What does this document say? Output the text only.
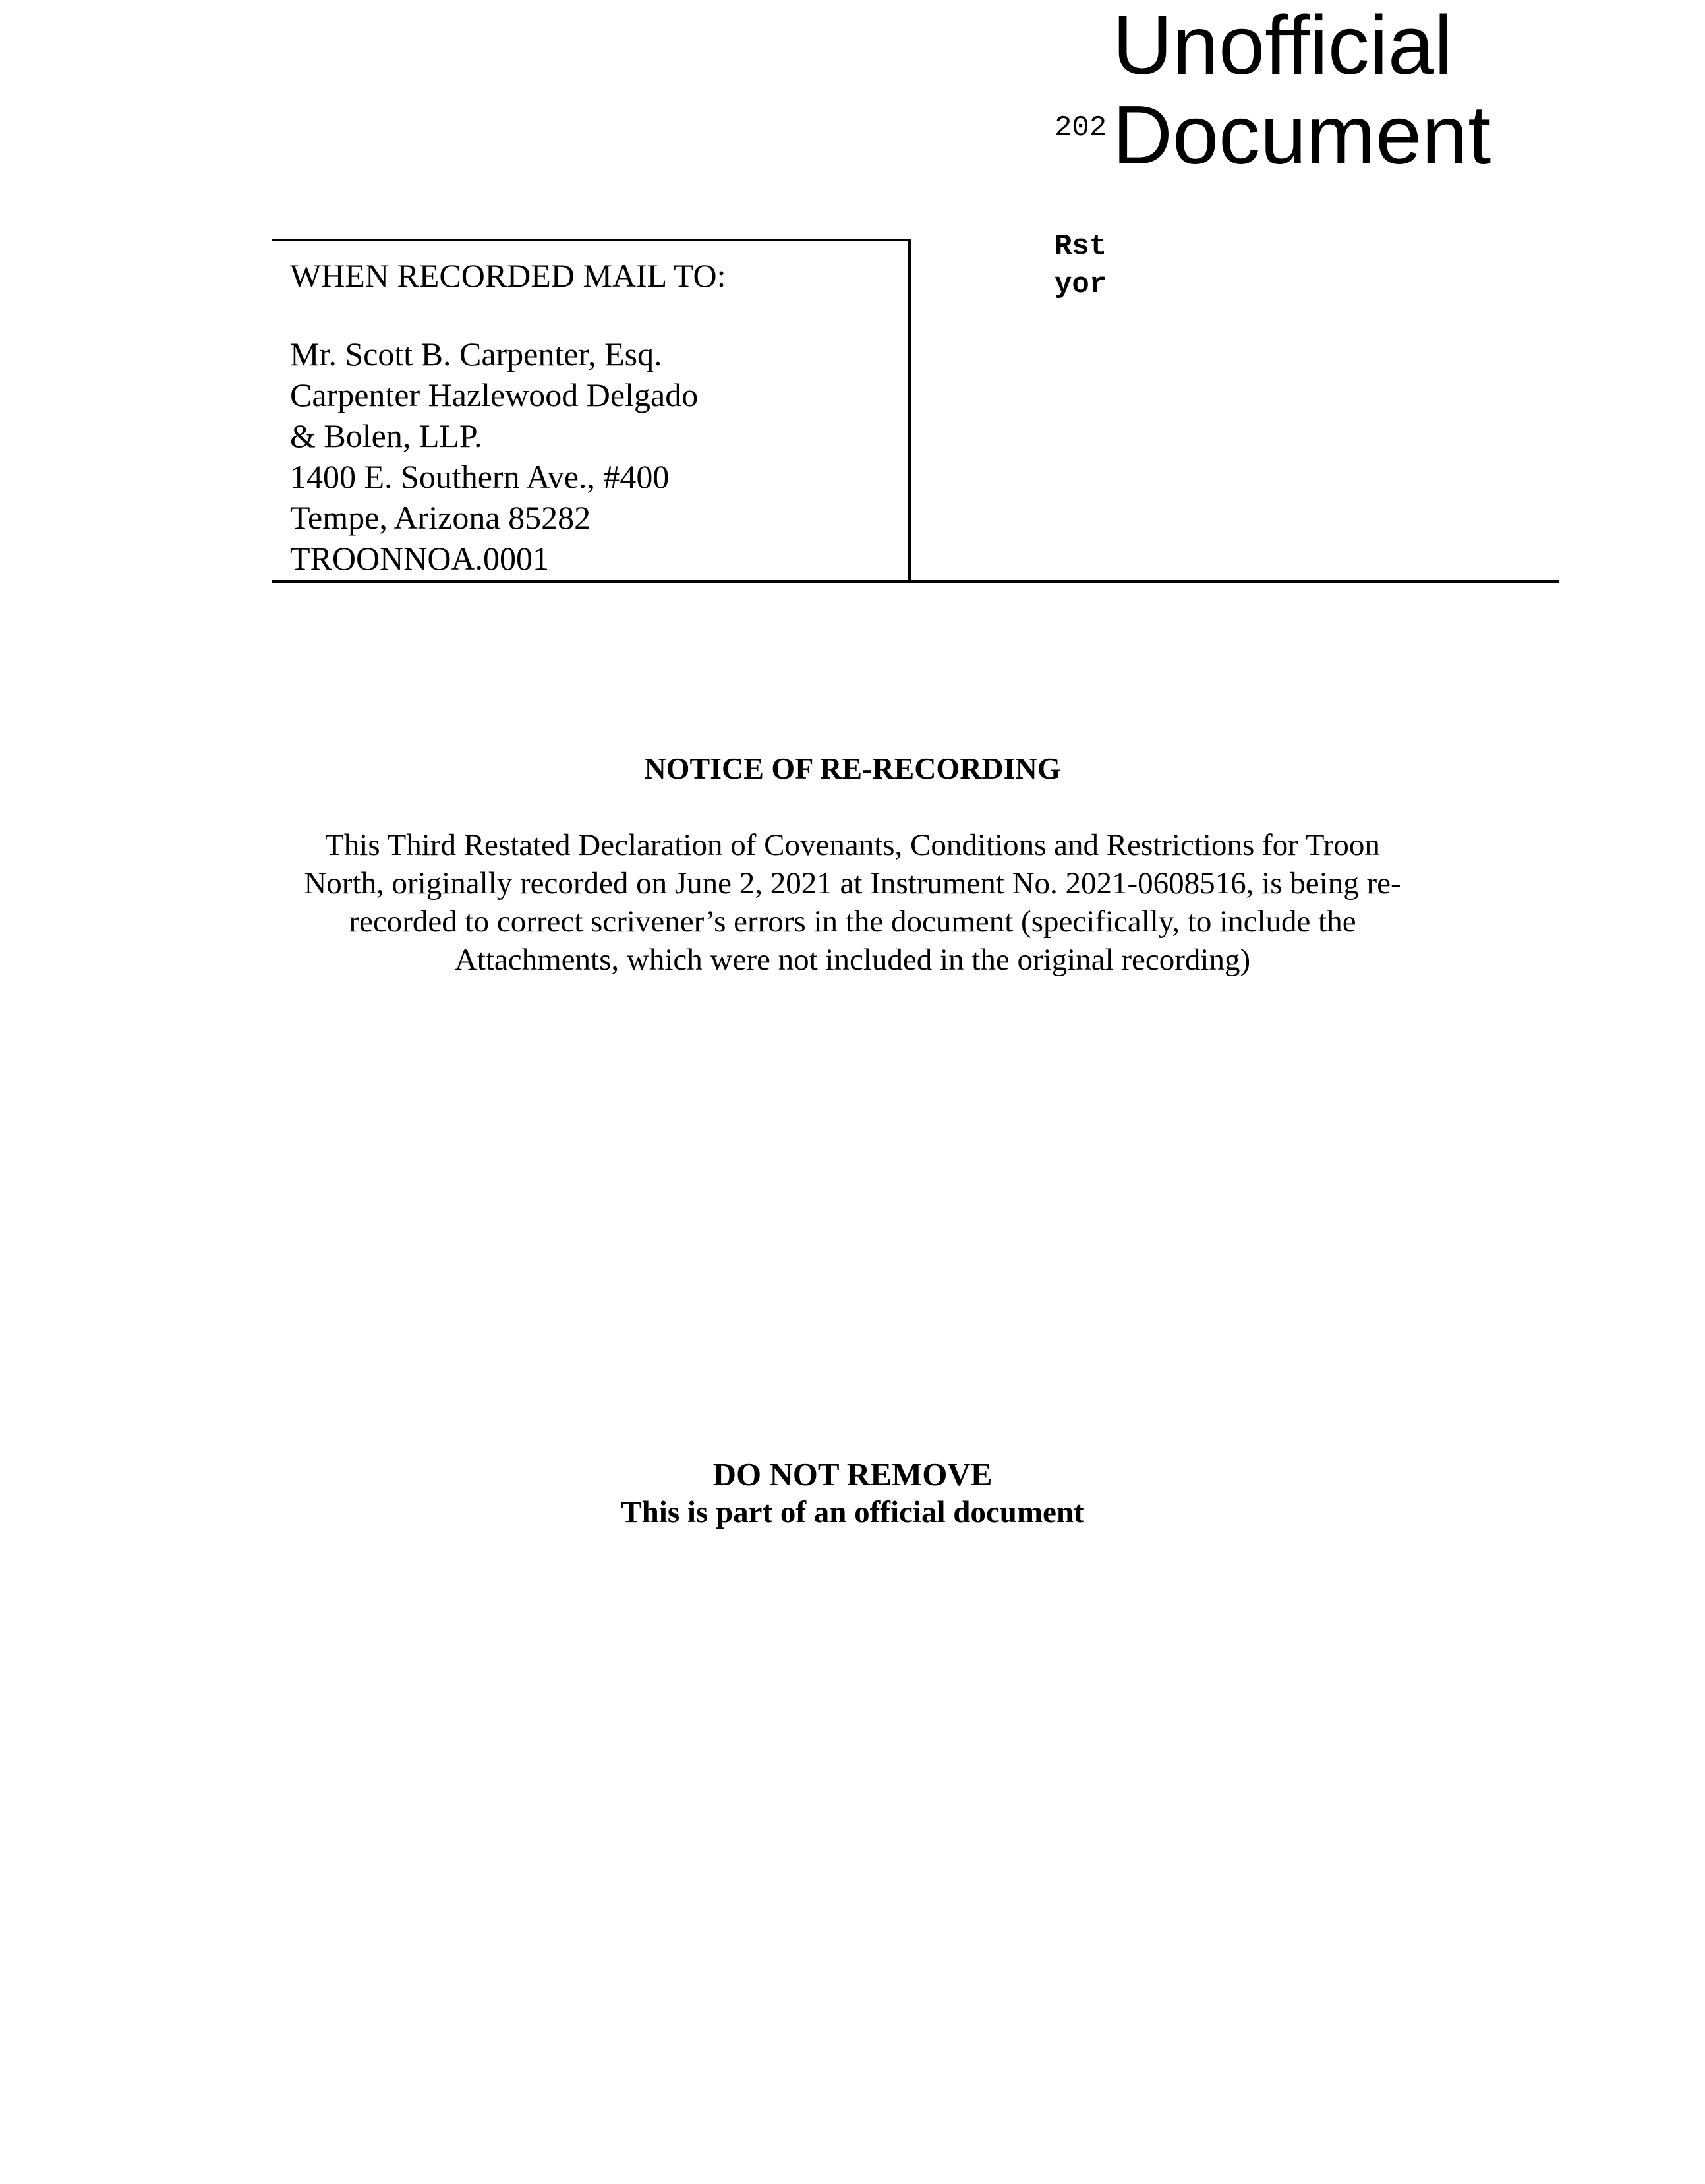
202
Rst
yor
Unofficial
Document
WHEN RECORDED MAIL TO:
Mr. Scott B. Carpenter, Esq.
Carpenter Hazlewood Delgado
& Bolen, LLP.
1400 E. Southern Ave., #400
Tempe, Arizona 85282
TROONNOA.0001
NOTICE OF RE-RECORDING
This Third Restated Declaration of Covenants, Conditions and Restrictions for Troon
North, originally recorded on June 2, 2021 at Instrument No. 2021-0608516, is being re-
recorded to correct scrivener’s errors in the document (specifically, to include the
Attachments, which were not included in the original recording)
DO NOT REMOVE
This is part of an official document
